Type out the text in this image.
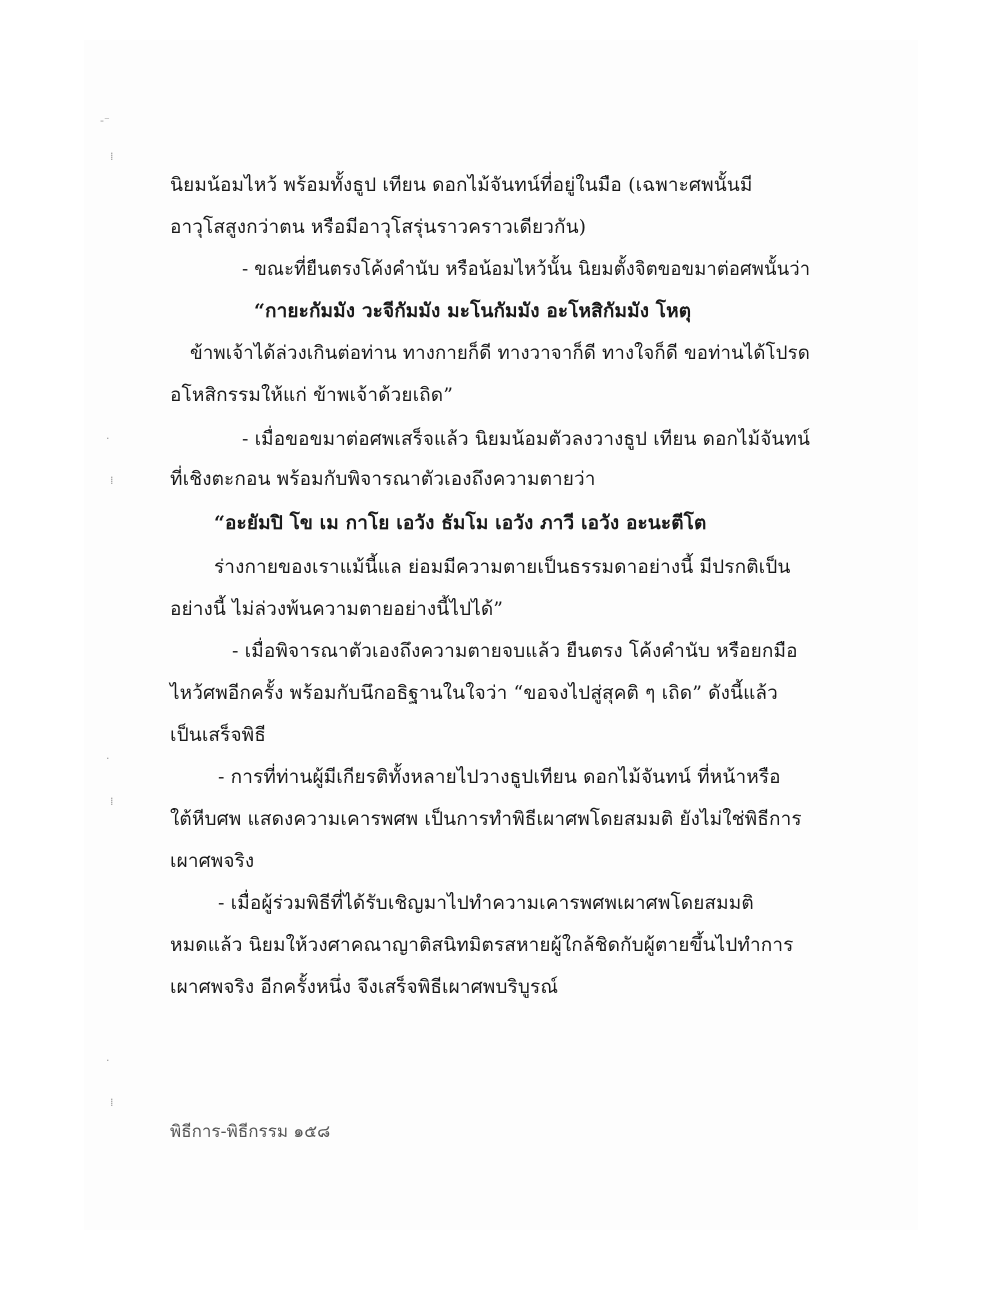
-⁻
⁞
·
⁞
·
⁞
·
⁞
นิยมน้อมไหว้ พร้อมทั้งธูป เทียน ดอกไม้จันทน์ที่อยู่ในมือ (เฉพาะศพนั้นมี
อาวุโสสูงกว่าตน หรือมีอาวุโสรุ่นราวคราวเดียวกัน)
- ขณะที่ยืนตรงโค้งคำนับ หรือน้อมไหว้นั้น นิยมตั้งจิตขอขมาต่อศพนั้นว่า
“กายะกัมมัง วะจีกัมมัง มะโนกัมมัง อะโหสิกัมมัง โหตุ
ข้าพเจ้าได้ล่วงเกินต่อท่าน ทางกายก็ดี ทางวาจาก็ดี ทางใจก็ดี ขอท่านได้โปรด
อโหสิกรรมให้แก่ ข้าพเจ้าด้วยเถิด”
- เมื่อขอขมาต่อศพเสร็จแล้ว นิยมน้อมตัวลงวางธูป เทียน ดอกไม้จันทน์
ที่เชิงตะกอน พร้อมกับพิจารณาตัวเองถึงความตายว่า
“อะยัมปิ โข เม กาโย เอวัง ธัมโม เอวัง ภาวี เอวัง อะนะตีโต
ร่างกายของเราแม้นี้แล ย่อมมีความตายเป็นธรรมดาอย่างนี้ มีปรกติเป็น
อย่างนี้ ไม่ล่วงพ้นความตายอย่างนี้ไปได้”
- เมื่อพิจารณาตัวเองถึงความตายจบแล้ว ยืนตรง โค้งคำนับ หรือยกมือ
ไหว้ศพอีกครั้ง พร้อมกับนึกอธิฐานในใจว่า “ขอจงไปสู่สุคติ ๆ เถิด” ดังนี้แล้ว
เป็นเสร็จพิธี
- การที่ท่านผู้มีเกียรติทั้งหลายไปวางธูปเทียน ดอกไม้จันทน์ ที่หน้าหรือ
ใต้หีบศพ แสดงความเคารพศพ เป็นการทำพิธีเผาศพโดยสมมติ ยังไม่ใช่พิธีการ
เผาศพจริง
- เมื่อผู้ร่วมพิธีที่ได้รับเชิญมาไปทำความเคารพศพเผาศพโดยสมมติ
หมดแล้ว นิยมให้วงศาคณาญาติสนิทมิตรสหายผู้ใกล้ชิดกับผู้ตายขึ้นไปทำการ
เผาศพจริง อีกครั้งหนึ่ง จึงเสร็จพิธีเผาศพบริบูรณ์
พิธีการ-พิธีกรรม ๑๕๘
